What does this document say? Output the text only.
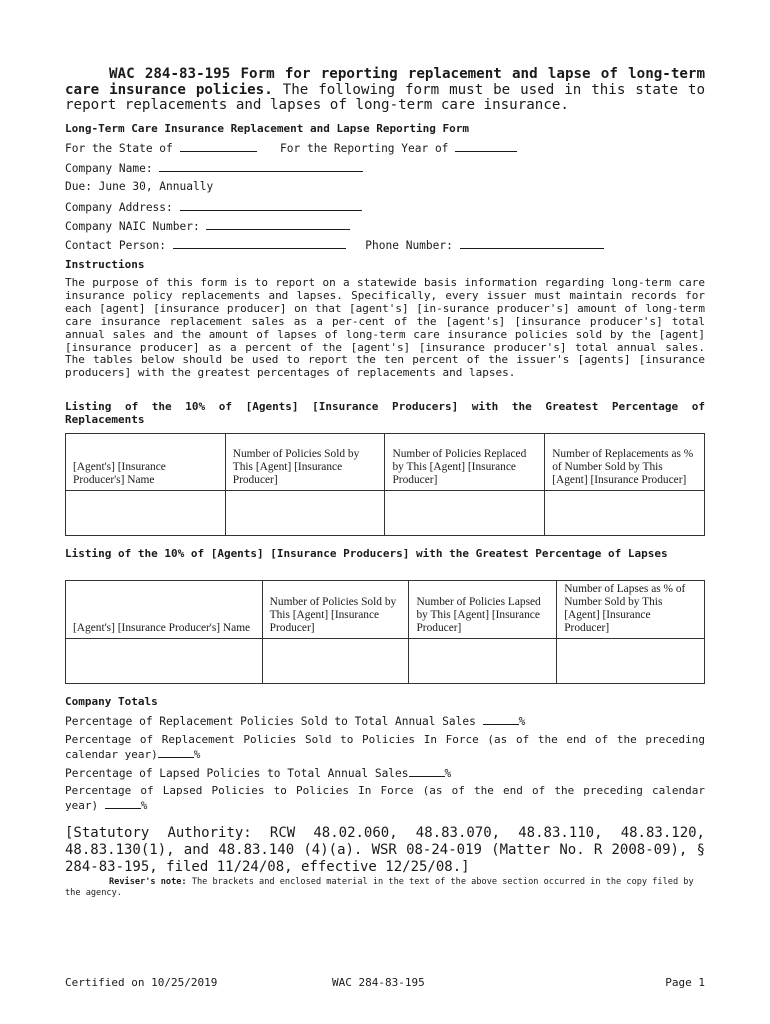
WAC 284-83-195 Form for reporting replacement and lapse of long-term care insurance policies. The following form must be used in this state to report replacements and lapses of long-term care insurance.
Long-Term Care Insurance Replacement and Lapse Reporting Form
For the State of	For the Reporting Year of
Company Name:
Due: June 30, Annually
Company Address:
Company NAIC Number:
Contact Person:	Phone Number:
Instructions
The purpose of this form is to report on a statewide basis information regarding long-term care insurance policy replacements and lapses. Specifically, every issuer must maintain records for each [agent] [insurance producer] on that [agent's] [in-surance producer's] amount of long-term care insurance replacement sales as a per-cent of the [agent's] [insurance producer's] total annual sales and the amount of lapses of long-term care insurance policies sold by the [agent] [insurance producer] as a percent of the [agent's] [insurance producer's] total annual sales. The tables below should be used to report the ten percent of the issuer's [agents] [insurance producers] with the greatest percentages of replacements and lapses.
Listing of the 10% of [Agents] [Insurance Producers] with the Greatest Percentage of Replacements
[Agent's] [Insurance Producer's] Name	Number of Policies Sold by This [Agent] [Insurance Producer]	Number of Policies Replaced by This [Agent] [Insurance Producer]	Number of Replacements as % of Number Sold by This [Agent] [Insurance Producer]

Listing of the 10% of [Agents] [Insurance Producers] with the Greatest Percentage of Lapses
[Agent's] [Insurance Producer's] Name	Number of Policies Sold by This [Agent] [Insurance Producer]	Number of Policies Lapsed by This [Agent] [Insurance Producer]	Number of Lapses as % of Number Sold by This [Agent] [Insurance Producer]

Company Totals
Percentage of Replacement Policies Sold to Total Annual Sales	%
Percentage of Replacement Policies Sold to Policies In Force (as of the end of the preceding calendar year)	%
Percentage of Lapsed Policies to Total Annual Sales	%
Percentage of Lapsed Policies to Policies In Force (as of the end of the preceding calendar year)	%
[Statutory Authority: RCW 48.02.060, 48.83.070, 48.83.110, 48.83.120, 48.83.130(1), and 48.83.140 (4)(a). WSR 08-24-019 (Matter No. R 2008-09), § 284-83-195, filed 11/24/08, effective 12/25/08.]
Reviser's note: The brackets and enclosed material in the text of the above section occurred in the copy filed by the agency.
Certified on 10/25/2019	WAC 284-83-195	Page 1
